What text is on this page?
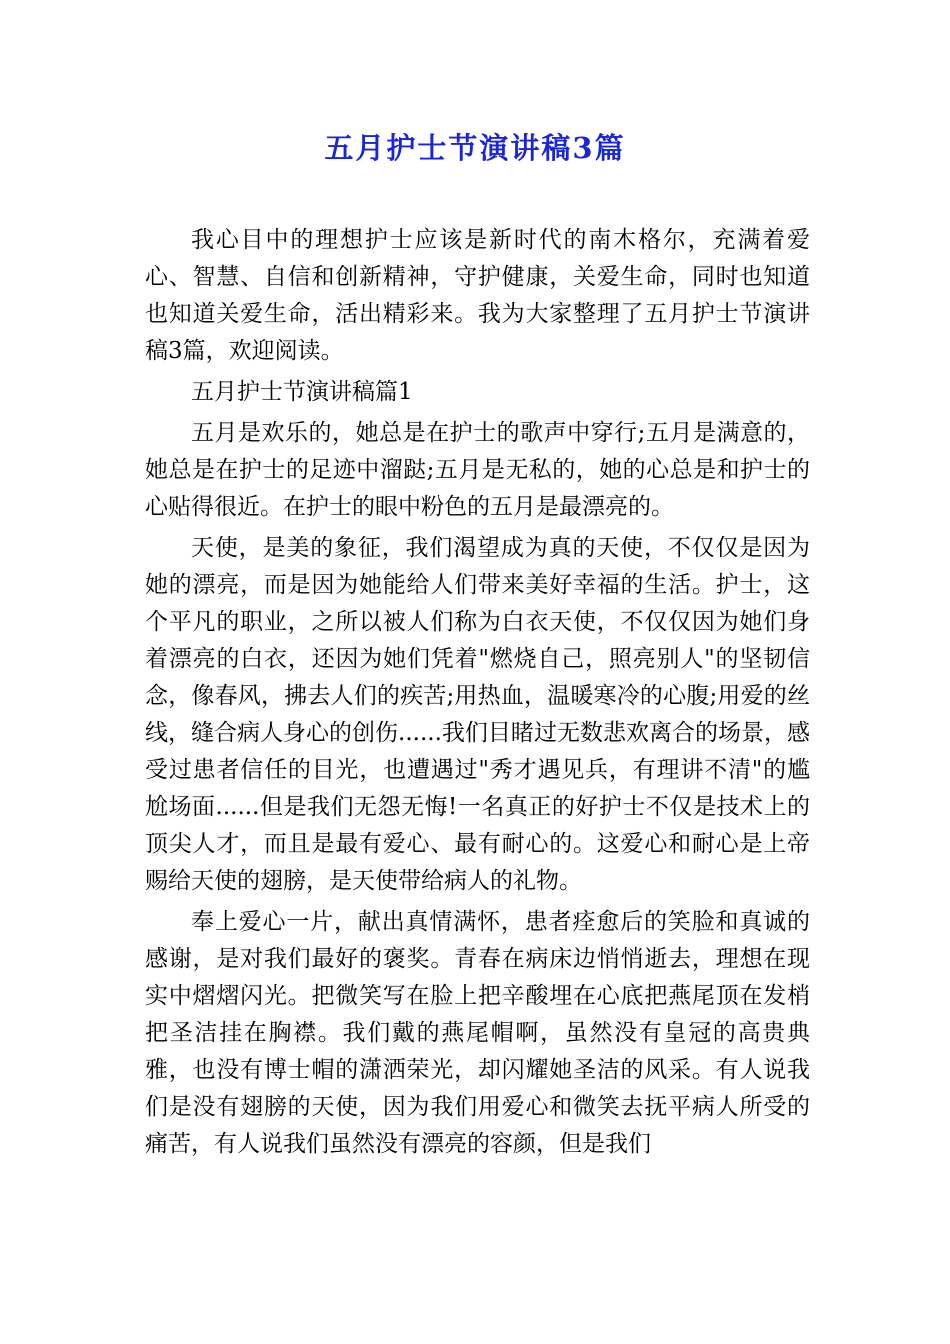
五月护士节演讲稿3篇

我心目中的理想护士应该是新时代的南木格尔，充满着爱心、智慧、自信和创新精神，守护健康，关爱生命，同时也知道也知道关爱生命，活出精彩来。我为大家整理了五月护士节演讲稿3篇，欢迎阅读。

五月护士节演讲稿篇1

五月是欢乐的，她总是在护士的歌声中穿行;五月是满意的，她总是在护士的足迹中溜跶;五月是无私的，她的心总是和护士的心贴得很近。在护士的眼中粉色的五月是最漂亮的。

天使，是美的象征，我们渴望成为真的天使，不仅仅是因为她的漂亮，而是因为她能给人们带来美好幸福的生活。护士，这个平凡的职业，之所以被人们称为白衣天使，不仅仅因为她们身着漂亮的白衣，还因为她们凭着"燃烧自己，照亮别人"的坚韧信念，像春风，拂去人们的疾苦;用热血，温暖寒冷的心腹;用爱的丝线，缝合病人身心的创伤......我们目睹过无数悲欢离合的场景，感受过患者信任的目光，也遭遇过"秀才遇见兵，有理讲不清"的尴尬场面......但是我们无怨无悔!一名真正的好护士不仅是技术上的顶尖人才，而且是最有爱心、最有耐心的。这爱心和耐心是上帝赐给天使的翅膀，是天使带给病人的礼物。

奉上爱心一片，献出真情满怀，患者痊愈后的笑脸和真诚的感谢，是对我们最好的褒奖。青春在病床边悄悄逝去，理想在现实中熠熠闪光。把微笑写在脸上把辛酸埋在心底把燕尾顶在发梢把圣洁挂在胸襟。我们戴的燕尾帽啊，虽然没有皇冠的高贵典雅，也没有博士帽的潇洒荣光，却闪耀她圣洁的风采。有人说我们是没有翅膀的天使，因为我们用爱心和微笑去抚平病人所受的痛苦，有人说我们虽然没有漂亮的容颜，但是我们
